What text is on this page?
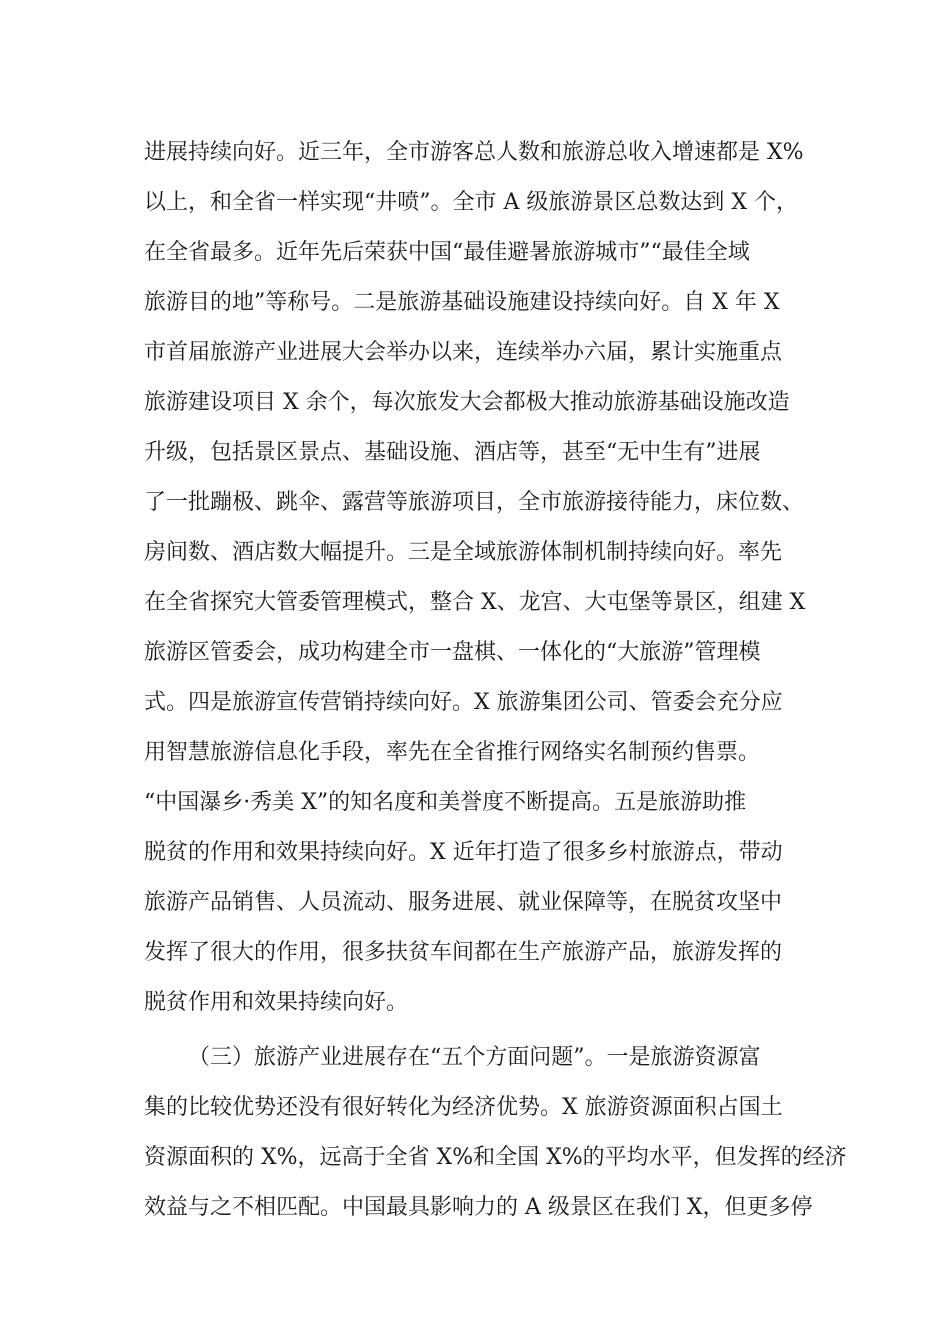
进展持续向好。近三年，全市游客总人数和旅游总收入增速都是 X%
以上，和全省一样实现“井喷”。全市 A 级旅游景区总数达到 X 个，
在全省最多。近年先后荣获中国“最佳避暑旅游城市”“最佳全域
旅游目的地”等称号。二是旅游基础设施建设持续向好。自 X 年 X
市首届旅游产业进展大会举办以来，连续举办六届，累计实施重点
旅游建设项目 X 余个，每次旅发大会都极大推动旅游基础设施改造
升级，包括景区景点、基础设施、酒店等，甚至“无中生有”进展
了一批蹦极、跳伞、露营等旅游项目，全市旅游接待能力，床位数、
房间数、酒店数大幅提升。三是全域旅游体制机制持续向好。率先
在全省探究大管委管理模式，整合 X、龙宫、大屯堡等景区，组建 X
旅游区管委会，成功构建全市一盘棋、一体化的“大旅游”管理模
式。四是旅游宣传营销持续向好。X 旅游集团公司、管委会充分应
用智慧旅游信息化手段，率先在全省推行网络实名制预约售票。
“中国瀑乡·秀美 X”的知名度和美誉度不断提高。五是旅游助推
脱贫的作用和效果持续向好。X 近年打造了很多乡村旅游点，带动
旅游产品销售、人员流动、服务进展、就业保障等，在脱贫攻坚中
发挥了很大的作用，很多扶贫车间都在生产旅游产品，旅游发挥的
脱贫作用和效果持续向好。
（三）旅游产业进展存在“五个方面问题”。一是旅游资源富
集的比较优势还没有很好转化为经济优势。X 旅游资源面积占国土
资源面积的 X%，远高于全省 X%和全国 X%的平均水平，但发挥的经济
效益与之不相匹配。中国最具影响力的 A 级景区在我们 X，但更多停
